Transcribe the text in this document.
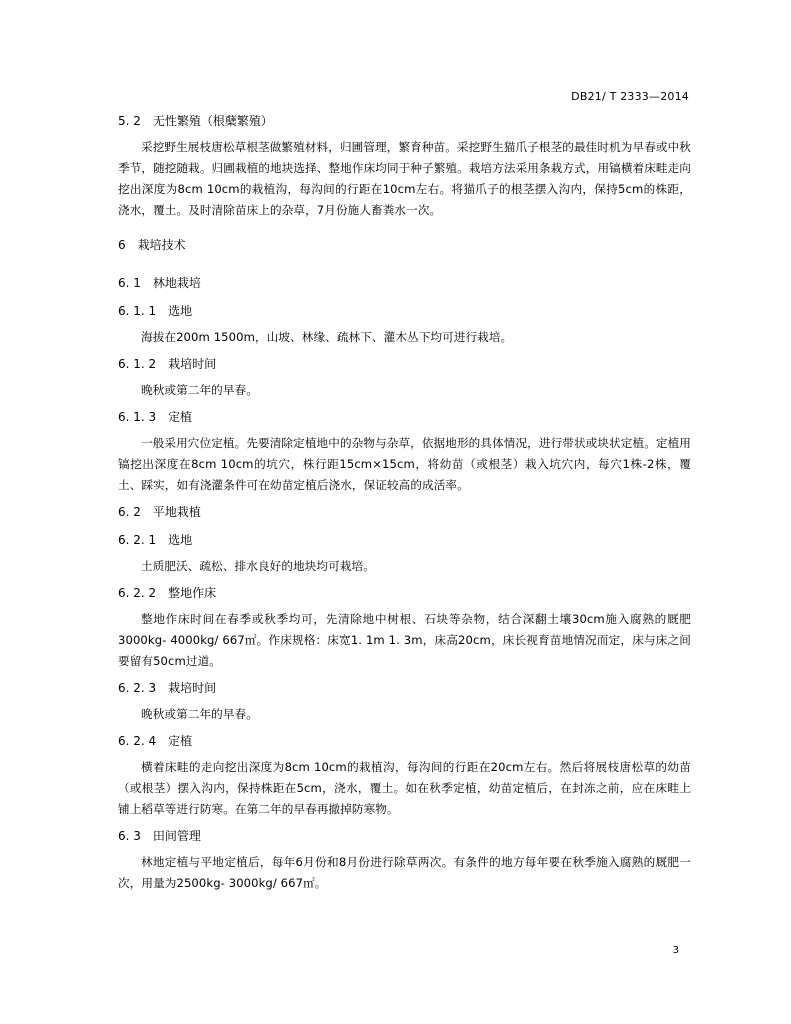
DB21/ T 2333—2014
5. 2 无性繁殖（根蘖繁殖）

采挖野生展枝唐松草根茎做繁殖材料，归圃管理，繁育种苗。采挖野生猫爪子根茎的最佳时机为早春或中秋季节，随挖随栽。归圃栽植的地块选择、整地作床均同于种子繁殖。栽培方法采用条栽方式，用镐横着床畦走向挖出深度为8cm 10cm的栽植沟，每沟间的行距在10cm左右。将猫爪子的根茎摆入沟内，保持5cm的株距，浇水，覆土。及时清除苗床上的杂草，7月份施人畜粪水一次。

6 栽培技术
6. 1 林地栽培
6. 1. 1 选地

海拔在200m 1500m，山坡、林缘、疏林下、灌木丛下均可进行栽培。

6. 1. 2 栽培时间

晚秋或第二年的早春。

6. 1. 3 定植

一般采用穴位定植。先要清除定植地中的杂物与杂草，依据地形的具体情况，进行带状或块状定植。定植用镐挖出深度在8cm 10cm的坑穴，株行距15cm×15cm，将幼苗（或根茎）栽入坑穴内，每穴1株-2株，覆土、踩实，如有浇灌条件可在幼苗定植后浇水，保证较高的成活率。

6. 2 平地栽植
6. 2. 1 选地

土质肥沃、疏松、排水良好的地块均可栽培。

6. 2. 2 整地作床

整地作床时间在春季或秋季均可，先清除地中树根、石块等杂物，结合深翻土壤30cm施入腐熟的厩肥3000kg- 4000kg/ 667㎡。作床规格：床宽1. 1m 1. 3m，床高20cm，床长视育苗地情况而定，床与床之间要留有50cm过道。

6. 2. 3 栽培时间

晚秋或第二年的早春。

6. 2. 4 定植

横着床畦的走向挖出深度为8cm 10cm的栽植沟，每沟间的行距在20cm左右。然后将展枝唐松草的幼苗（或根茎）摆入沟内，保持株距在5cm，浇水，覆土。如在秋季定植，幼苗定植后，在封冻之前，应在床畦上铺上稻草等进行防寒。在第二年的早春再撤掉防寒物。

6. 3 田间管理

林地定植与平地定植后，每年6月份和8月份进行除草两次。有条件的地方每年要在秋季施入腐熟的厩肥一次，用量为2500kg- 3000kg/ 667㎡。

3
